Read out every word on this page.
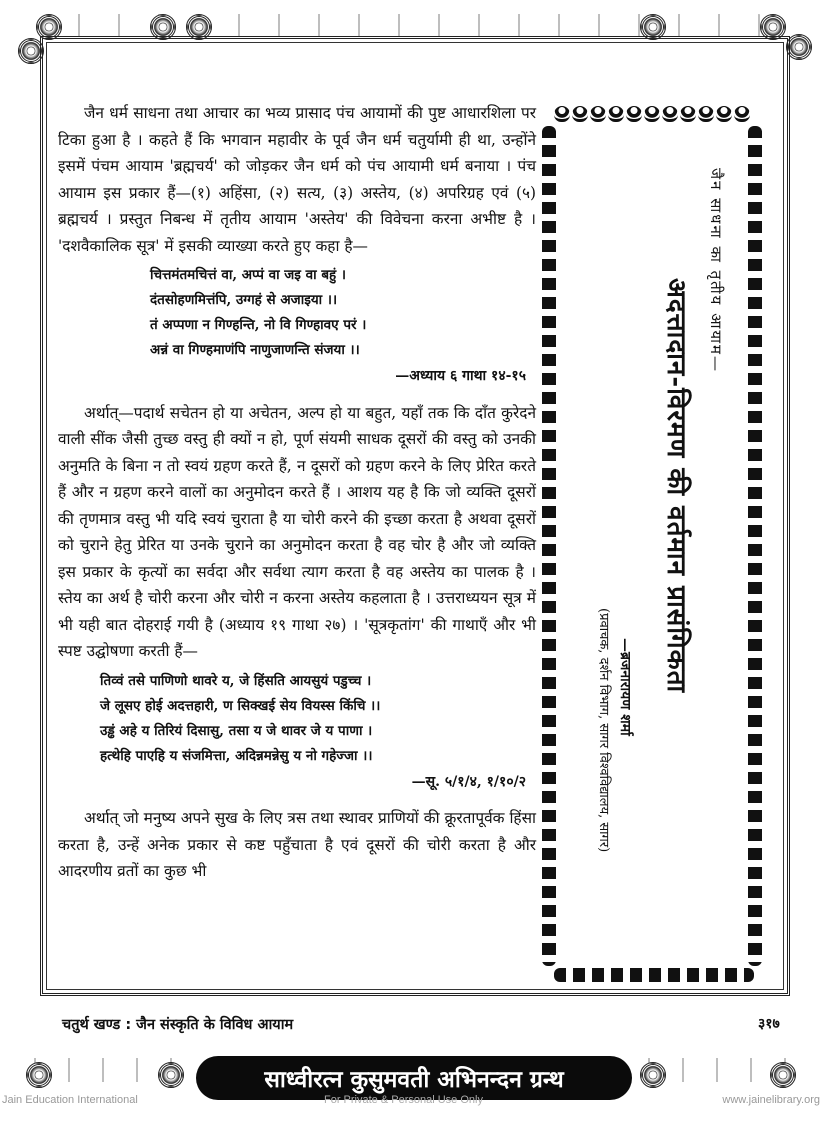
जैन धर्म साधना तथा आचार का भव्य प्रासाद पंच आयामों की पुष्ट आधारशिला पर टिका हुआ है । कहते हैं कि भगवान महावीर के पूर्व जैन धर्म चतुर्यामी ही था, उन्होंने इसमें पंचम आयाम 'ब्रह्मचर्य' को जोड़कर जैन धर्म को पंच आयामी धर्म बनाया । पंच आयाम इस प्रकार हैं—(१) अहिंसा, (२) सत्य, (३) अस्तेय, (४) अपरिग्रह एवं (५) ब्रह्मचर्य । प्रस्तुत निबन्ध में तृतीय आयाम 'अस्तेय' की विवेचना करना अभीष्ट है । 'दशवैकालिक सूत्र' में इसकी व्याख्या करते हुए कहा है—

चित्तमंतमचित्तं वा, अप्पं वा जइ वा बहुं ।
दंतसोहणमित्तंपि, उग्गहं से अजाइया ।।
तं अप्पणा न गिण्हन्ति, नो वि गिण्हावए परं ।
अन्नं वा गिण्हमाणंपि नाणुजाणन्ति संजया ।।
—अध्याय ६ गाथा १४-१५

अर्थात्—पदार्थ सचेतन हो या अचेतन, अल्प हो या बहुत, यहाँ तक कि दाँत कुरेदने वाली सींक जैसी तुच्छ वस्तु ही क्यों न हो, पूर्ण संयमी साधक दूसरों की वस्तु को उनकी अनुमति के बिना न तो स्वयं ग्रहण करते हैं, न दूसरों को ग्रहण करने के लिए प्रेरित करते हैं और न ग्रहण करने वालों का अनुमोदन करते हैं । आशय यह है कि जो व्यक्ति दूसरों की तृणमात्र वस्तु भी यदि स्वयं चुराता है या चोरी करने की इच्छा करता है अथवा दूसरों को चुराने हेतु प्रेरित या उनके चुराने का अनुमोदन करता है वह चोर है और जो व्यक्ति इस प्रकार के कृत्यों का सर्वदा और सर्वथा त्याग करता है वह अस्तेय का पालक है । स्तेय का अर्थ है चोरी करना और चोरी न करना अस्तेय कहलाता है । उत्तराध्ययन सूत्र में भी यही बात दोहराई गयी है (अध्याय १९ गाथा २७) । 'सूत्रकृतांग' की गाथाएँ और भी स्पष्ट उद्घोषणा करती हैं—

तिव्वं तसे पाणिणो थावरे य, जे हिंसति आयसुयं पडुच्च ।
जे लूसए होई अदत्तहारी, ण सिक्खई सेय वियस्स किंचि ।।
उड्ढं अहे य तिरियं दिसासु, तसा य जे थावर जे य पाणा ।
हत्थेहि पाएहि य संजमित्ता, अदिन्नमन्नेसु य नो गहेज्जा ।।
—सू. ५/१/४, १/१०/२

अर्थात् जो मनुष्य अपने सुख के लिए त्रस तथा स्थावर प्राणियों की क्रूरतापूर्वक हिंसा करता है, उन्हें अनेक प्रकार से कष्ट पहुँचाता है एवं दूसरों की चोरी करता है और आदरणीय व्रतों का कुछ भी

जैन साधना का तृतीय आयाम—
अदत्तादान-विरमण की वर्तमान प्रासंगिकता
—ब्रजनारायण शर्मा
(प्रवाचक, दर्शन विभाग, सागर विश्वविद्यालय, सागर)
चतुर्थ खण्ड : जैन संस्कृति के विविध आयाम	३१७
साध्वीरत्न कुसुमवती अभिनन्दन ग्रन्थ
Jain Education International	For Private & Personal Use Only	www.jainelibrary.org
